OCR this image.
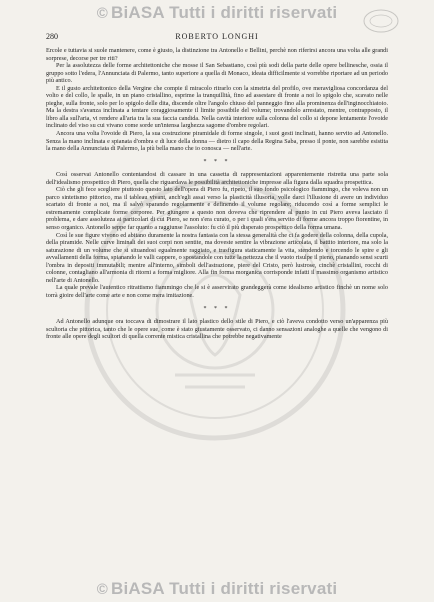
© BiASA Tutti i diritti riservati
280	ROBERTO LONGHI

Ercole e tuttavia si suole mantenere, come è giusto, la distinzione tra Antonello e Bellini, perchè non riferirsi ancora una volta alle grandi sorprese, decorse per tre riti?

Per la assolutezza delle forme architettoniche che mosse il San Sebastiano, così più sodi della parte delle opere bellinesche, ossia il gruppo sotto l'edera, l'Annunciata di Palermo, tanto superiore a quella di Monaco, ideata difficilmente si vorrebbe riportare ad un periodo più antico.

E il gusto architettonico della Vergine che compie il miracolo ritrarlo con la simetria del profilo, ove meravigliosa concordanza del volto e del collo, le spalle, in un piano cristallino, esprime la tranquillità, fino ad assestare di fronte a noi lo spigolo che, scavato nelle pieghe, sulla fronte, solo per lo spigolo delle dita, discende oltre l'angolo chiuso del panneggio fino alla prominenza dell'inginocchiatoio. Ma la destra s'avanza inclinata a tentare coraggiosamente il limite possibile del volume; trovandolo arrestato, mentre, contrapposto, il libro alla sull'aria, vi rendere all'aria tra la sua faccia candida. Nella cavità interiore sulla colonna del collo si depone lentamente l'ovoide inclinato del viso su cui vivano come sorde un'intensa larghezza sagome d'ombre regolari.

Ancora una volta l'ovoide di Piero, la sua costruzione piramidale di forme singole, i suoi gesti inclinati, hanno servito ad Antonello. Senza la mano inclinata e spianata d'ombra e di luce della donna — dietro il capo della Regina Saba, presso il ponte, non sarebbe esistita la mano della Annunciata di Palermo, la più bella mano che io conosca — nell'arte.

* * *

Così osservai Antonello contentandosi di cassare in una cassetta di rappresentazioni apparentemente ristretta una parte sola dell'idealismo prospettico di Piero, quella che riguardava le possibilità architettoniche impresse alla figura dalla squadra prospettica.

Ciò che gli fece scegliere piuttosto questo lato dell'opera di Piero fu, ripeto, il suo fondo psicologico fiammingo, che voleva non un parco sintetismo pittorico, ma il tableau vivant, anch'egli assai verso la plasticità illusoria, volle darci l'illusione di avere un individuo scartato di fronte a noi, ma il salvò sparando regolarmente e definendo il volume regolare; riducendo così a forme semplici le estremamente complicate forme corporee. Per giungere a questo non doveva che riprendere al punto in cui Piero aveva lasciato il problema, e dare assoluteza ai particolari di cui Piero, se non s'era curato, o per i quali s'era servito di forme ancora troppo fiorentine, in senso organico. Antonello seppe far quanto a raggiunse l'assoluto: fu ciò il più disperato prospettico della forma umana.

Così le sue figure vivono ed abitano duramente la nostra fantasia con la stessa generalità che ci fa godere della colonna, della cupola, della piramide. Nelle curve liminali dei suoi corpi non sentite, ma doveste sentire la vibrazione articolata, il battito interiore, ma solo la saturazione di un volume che si situandosi egualmente raggiato, e trasfigura staticamente la vita, stendendo e torcendo le spire e gli avvallamenti della forma, spianando le valli cappere, o spostandole con tutte la nettezza che il vuoto risulpe il pieno, pianando sensi scurti l'ombra in depositi immutabili; mentre all'interno, simboli dell'astrazione, piere del Cristo, però lustrose, cinchè cristallini, rocchi di colonne, contagliano all'armonia di ritorni a forma migliore. Alla fin forma morganica corrisponde infatti il massimo organismo artistico nell'arte di Antonello.

La quale prevale l'autentico ritrattismo fiammingo che le si è asservirato grandeggerà come idealismo artistico finchè un nome solo torrà gioire dell'arte come arte e non come mera imitazione.

* * *

Ad Antonello adunque ora toccava di dimostrare il lato plastico dello stile di Piero, e ciò l'aveva condotto verso un'apparenza più scultoria che pittorica, tanto che le opere sue, come è stato giustamente osservato, ci danno sensazioni analoghe a quelle che vengono di fronte alle opere degli scultori di quella corrente mistica cristallina che potrebbe negativamente

© BiASA Tutti i diritti riservati
